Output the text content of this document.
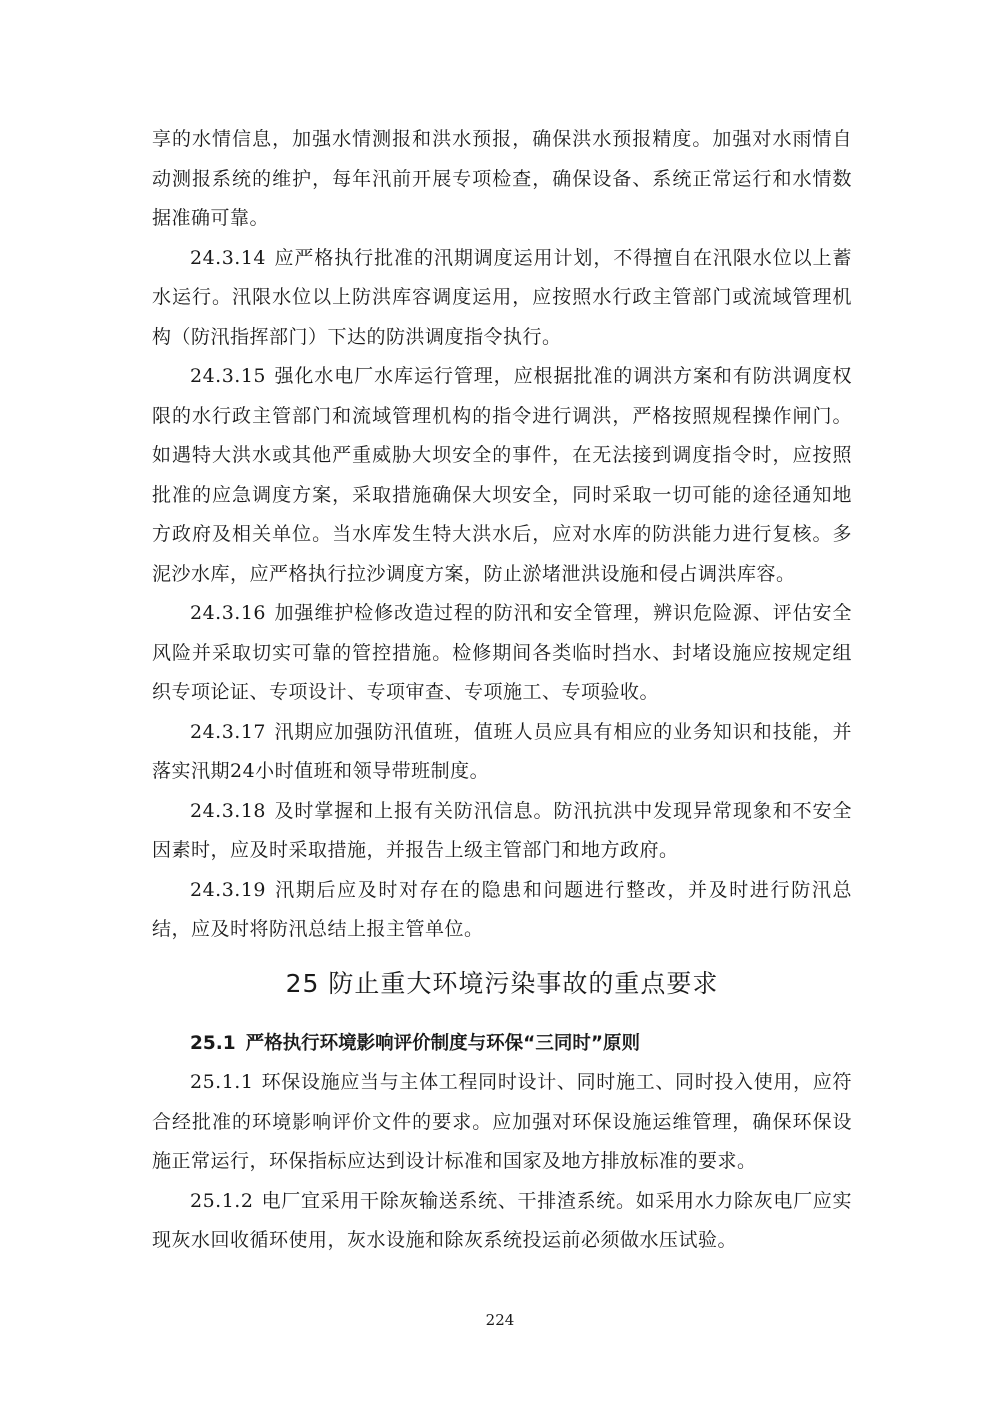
享的水情信息，加强水情测报和洪水预报，确保洪水预报精度。加强对水雨情自动测报系统的维护，每年汛前开展专项检查，确保设备、系统正常运行和水情数据准确可靠。

24.3.14 应严格执行批准的汛期调度运用计划，不得擅自在汛限水位以上蓄水运行。汛限水位以上防洪库容调度运用，应按照水行政主管部门或流域管理机构（防汛指挥部门）下达的防洪调度指令执行。

24.3.15 强化水电厂水库运行管理，应根据批准的调洪方案和有防洪调度权限的水行政主管部门和流域管理机构的指令进行调洪，严格按照规程操作闸门。如遇特大洪水或其他严重威胁大坝安全的事件，在无法接到调度指令时，应按照批准的应急调度方案，采取措施确保大坝安全，同时采取一切可能的途径通知地方政府及相关单位。当水库发生特大洪水后，应对水库的防洪能力进行复核。多泥沙水库，应严格执行拉沙调度方案，防止淤堵泄洪设施和侵占调洪库容。

24.3.16 加强维护检修改造过程的防汛和安全管理，辨识危险源、评估安全风险并采取切实可靠的管控措施。检修期间各类临时挡水、封堵设施应按规定组织专项论证、专项设计、专项审查、专项施工、专项验收。

24.3.17 汛期应加强防汛值班，值班人员应具有相应的业务知识和技能，并落实汛期24小时值班和领导带班制度。

24.3.18 及时掌握和上报有关防汛信息。防汛抗洪中发现异常现象和不安全因素时，应及时采取措施，并报告上级主管部门和地方政府。

24.3.19 汛期后应及时对存在的隐患和问题进行整改，并及时进行防汛总结，应及时将防汛总结上报主管单位。

25 防止重大环境污染事故的重点要求
25.1 严格执行环境影响评价制度与环保“三同时”原则

25.1.1 环保设施应当与主体工程同时设计、同时施工、同时投入使用，应符合经批准的环境影响评价文件的要求。应加强对环保设施运维管理，确保环保设施正常运行，环保指标应达到设计标准和国家及地方排放标准的要求。

25.1.2 电厂宜采用干除灰输送系统、干排渣系统。如采用水力除灰电厂应实现灰水回收循环使用，灰水设施和除灰系统投运前必须做水压试验。

224
